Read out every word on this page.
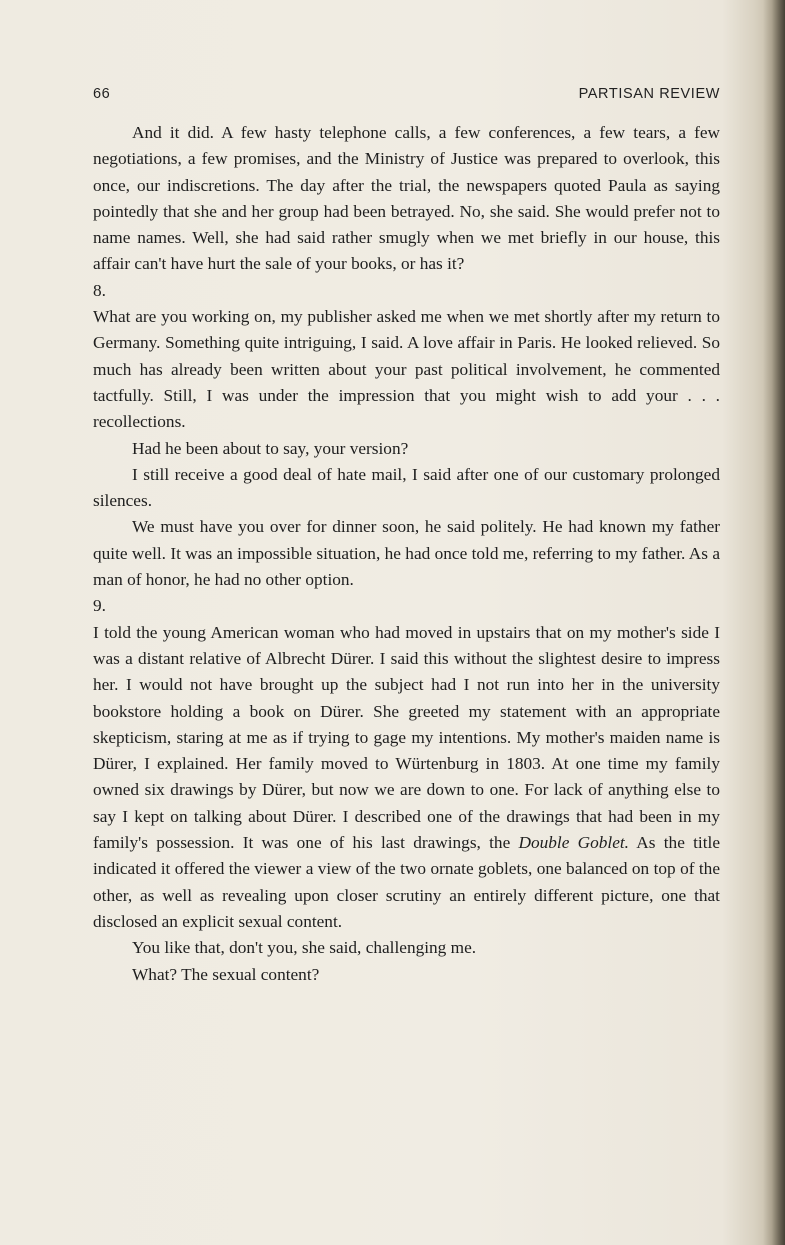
66	PARTISAN REVIEW

And it did. A few hasty telephone calls, a few conferences, a few tears, a few negotiations, a few promises, and the Ministry of Justice was prepared to overlook, this once, our indiscretions. The day after the trial, the newspapers quoted Paula as saying pointedly that she and her group had been betrayed. No, she said. She would prefer not to name names. Well, she had said rather smugly when we met briefly in our house, this affair can't have hurt the sale of your books, or has it?

8.

What are you working on, my publisher asked me when we met shortly after my return to Germany. Something quite intriguing, I said. A love affair in Paris. He looked relieved. So much has already been written about your past political involvement, he commented tactfully. Still, I was under the impression that you might wish to add your . . . recollections.

Had he been about to say, your version?

I still receive a good deal of hate mail, I said after one of our customary prolonged silences.

We must have you over for dinner soon, he said politely. He had known my father quite well. It was an impossible situation, he had once told me, referring to my father. As a man of honor, he had no other option.

9.

I told the young American woman who had moved in upstairs that on my mother's side I was a distant relative of Albrecht Dürer. I said this without the slightest desire to impress her. I would not have brought up the subject had I not run into her in the university bookstore holding a book on Dürer. She greeted my statement with an appropriate skepticism, staring at me as if trying to gage my intentions. My mother's maiden name is Dürer, I explained. Her family moved to Würtenburg in 1803. At one time my family owned six drawings by Dürer, but now we are down to one. For lack of anything else to say I kept on talking about Dürer. I described one of the drawings that had been in my family's possession. It was one of his last drawings, the Double Goblet. As the title indicated it offered the viewer a view of the two ornate goblets, one balanced on top of the other, as well as revealing upon closer scrutiny an entirely different picture, one that disclosed an explicit sexual content.

You like that, don't you, she said, challenging me.

What? The sexual content?
